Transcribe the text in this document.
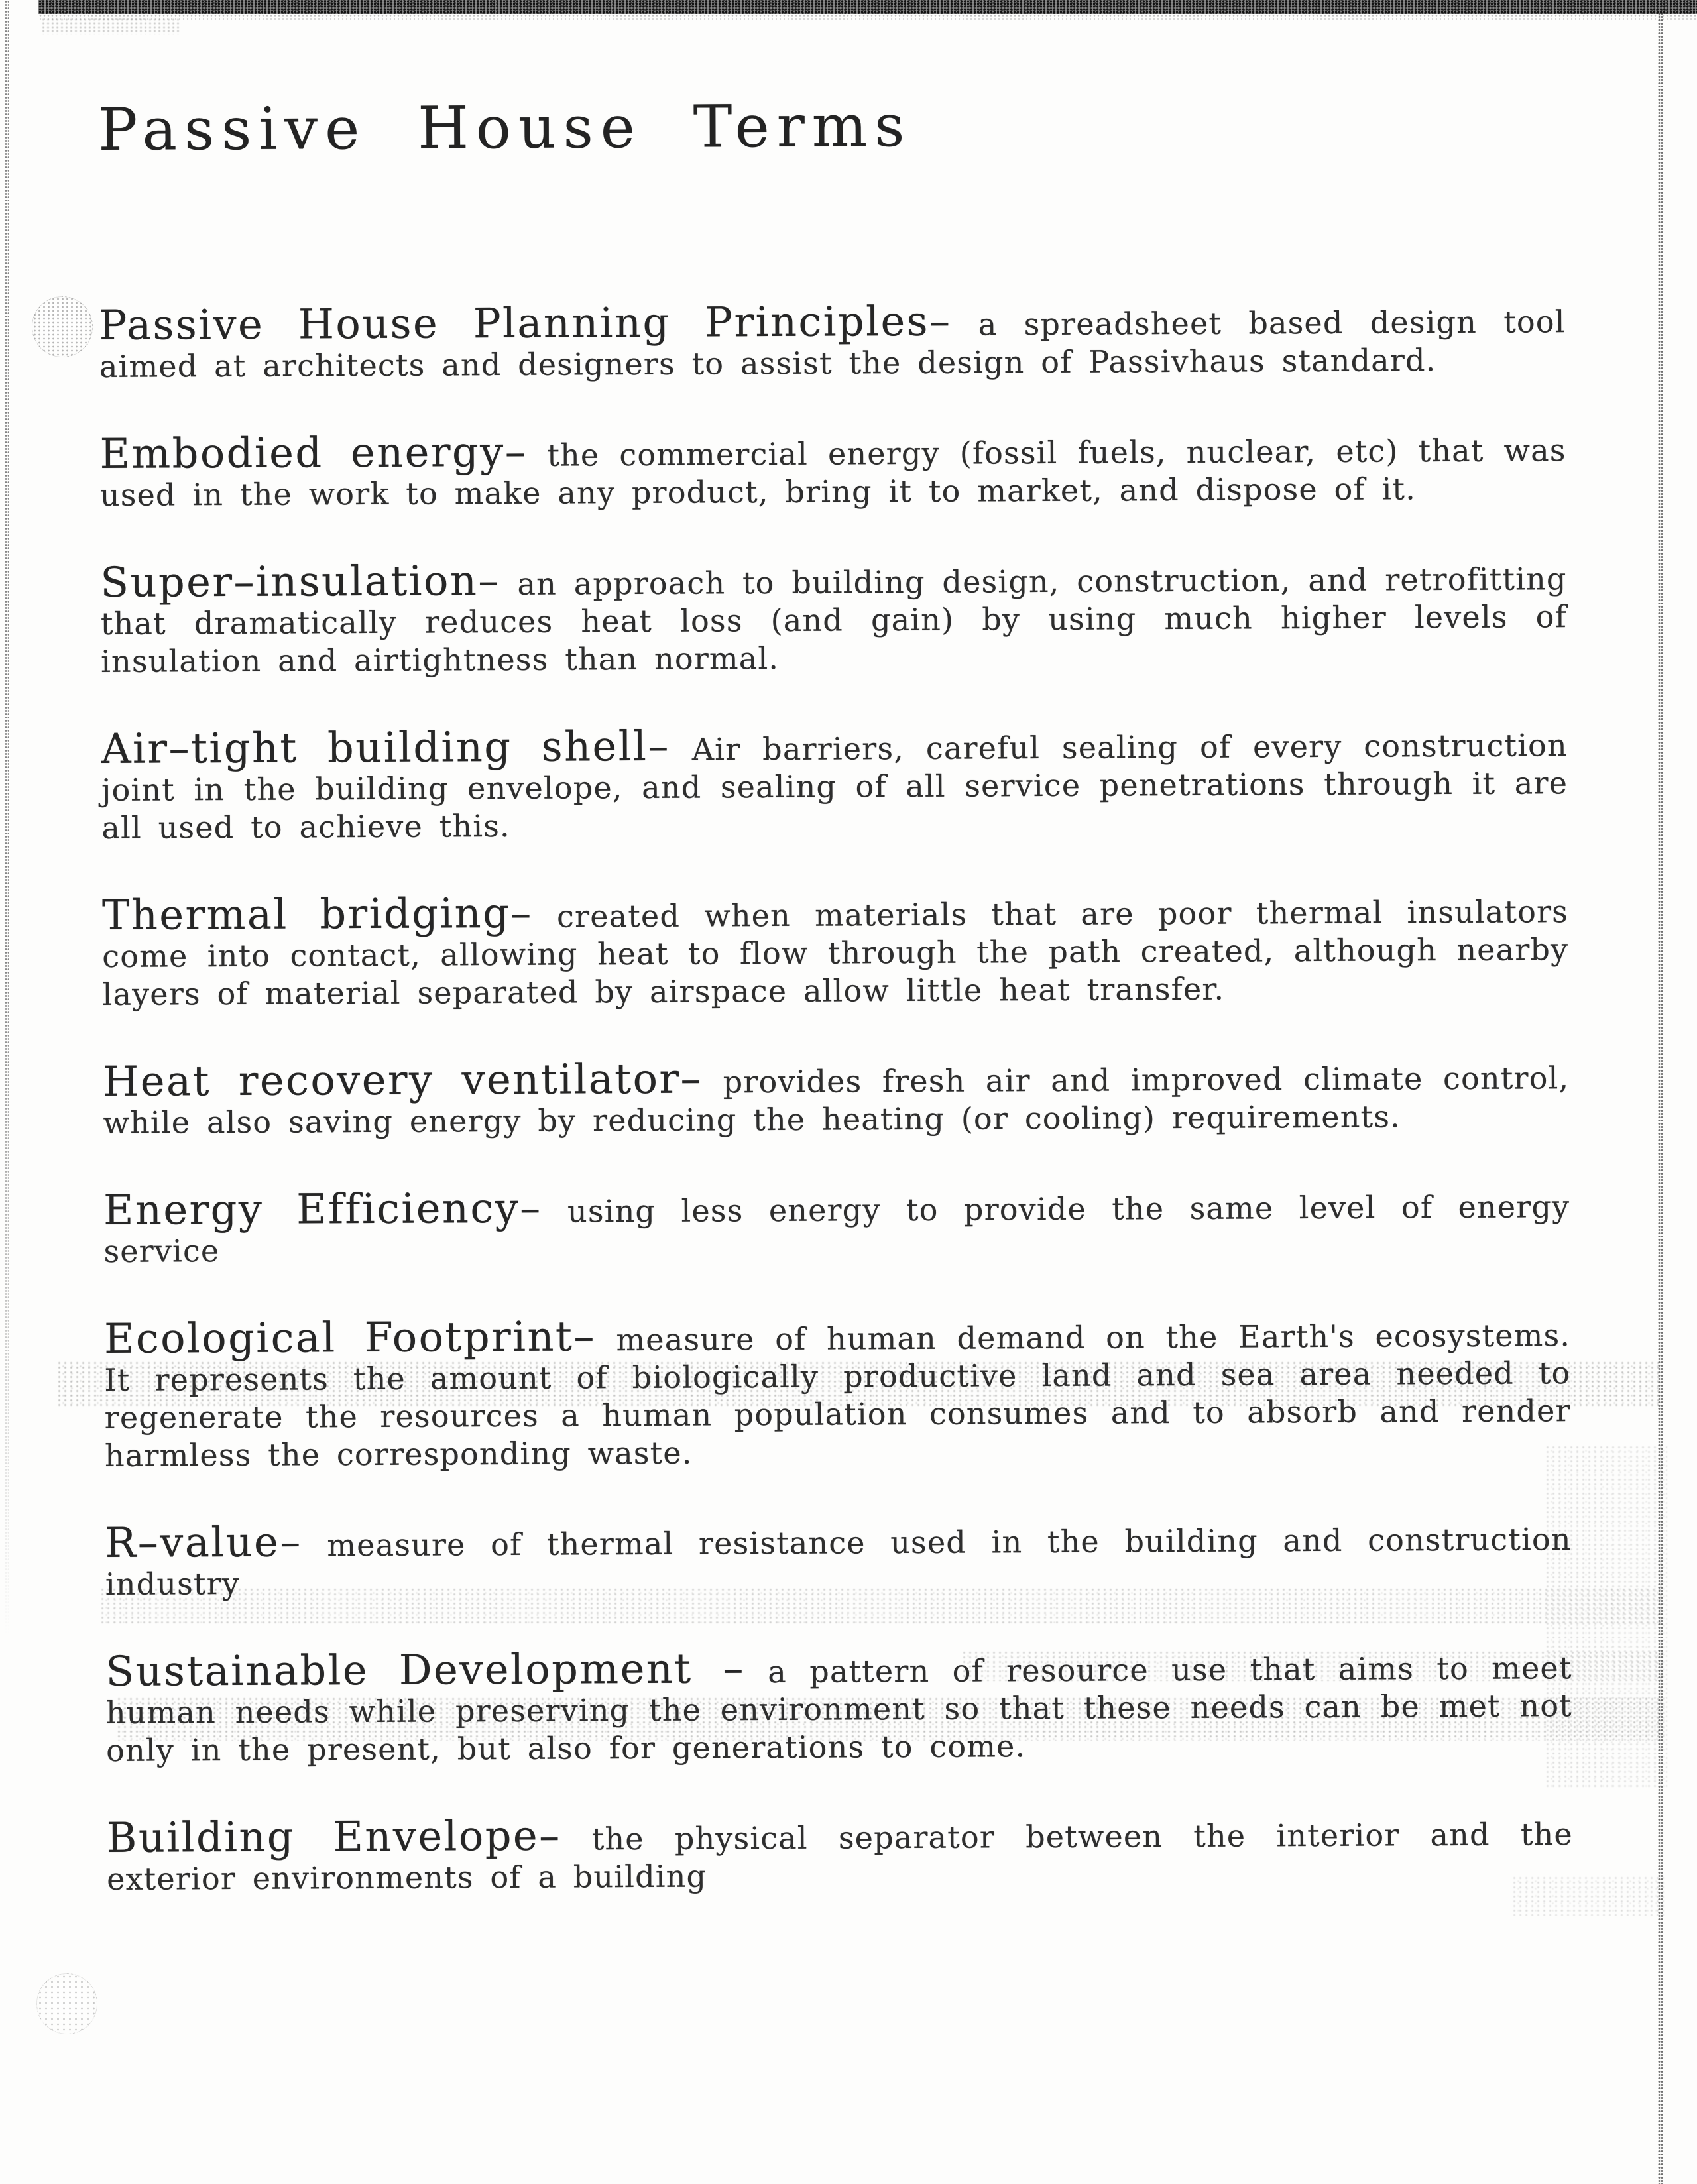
Passive House Terms

Passive House Planning Principles– a spreadsheet based design tool aimed at architects and designers to assist the design of Passivhaus standard.

Embodied energy– the commercial energy (fossil fuels, nuclear, etc) that was used in the work to make any product, bring it to market, and dispose of it.

Super–insulation– an approach to building design, construction, and retrofitting that dramatically reduces heat loss (and gain) by using much higher levels of insulation and airtightness than normal.

Air–tight building shell– Air barriers, careful sealing of every construction joint in the building envelope, and sealing of all service penetrations through it are all used to achieve this.

Thermal bridging– created when materials that are poor thermal insulators come into contact, allowing heat to flow through the path created, although nearby layers of material separated by airspace allow little heat transfer.

Heat recovery ventilator– provides fresh air and improved climate control, while also saving energy by reducing the heating (or cooling) requirements.

Energy Efficiency– using less energy to provide the same level of energy service

Ecological Footprint– measure of human demand on the Earth's ecosystems. It represents the amount of biologically productive land and sea area needed to regenerate the resources a human population consumes and to absorb and render harmless the corresponding waste.

R–value– measure of thermal resistance used in the building and construction industry

Sustainable Development – a pattern of resource use that aims to meet human needs while preserving the environment so that these needs can be met not only in the present, but also for generations to come.

Building Envelope– the physical separator between the interior and the exterior environments of a building
